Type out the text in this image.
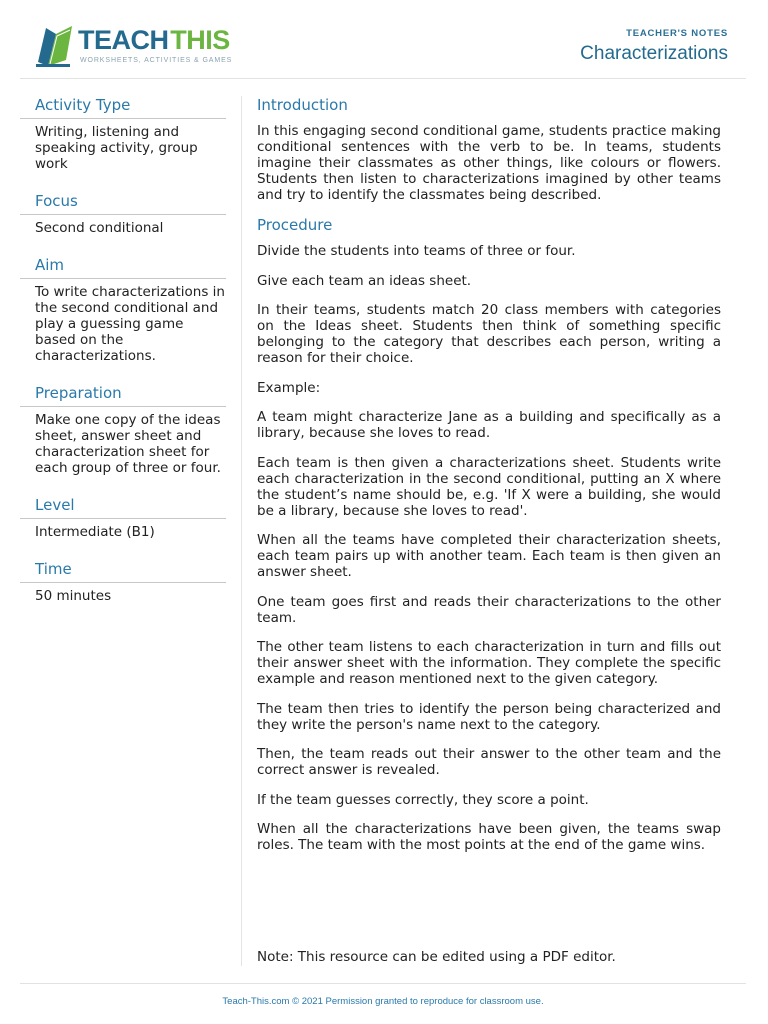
TEACH THIS
WORKSHEETS, ACTIVITIES & GAMES
TEACHER'S NOTES
Characterizations
Activity Type
Writing, listening and speaking activity, group work
Focus
Second conditional
Aim
To write characterizations in the second conditional and play a guessing game based on the characterizations.
Preparation
Make one copy of the ideas sheet, answer sheet and characterization sheet for each group of three or four.
Level
Intermediate (B1)
Time
50 minutes
Introduction

In this engaging second conditional game, students practice making conditional sentences with the verb to be. In teams, students imagine their classmates as other things, like colours or flowers. Students then listen to characterizations imagined by other teams and try to identify the classmates being described.

Procedure

Divide the students into teams of three or four.

Give each team an ideas sheet.

In their teams, students match 20 class members with categories on the Ideas sheet. Students then think of something specific belonging to the category that describes each person, writing a reason for their choice.

Example:

A team might characterize Jane as a building and specifically as a library, because she loves to read.

Each team is then given a characterizations sheet. Students write each characterization in the second conditional, putting an X where the student’s name should be, e.g. 'If X were a building, she would be a library, because she loves to read'.

When all the teams have completed their characterization sheets, each team pairs up with another team. Each team is then given an answer sheet.

One team goes first and reads their characterizations to the other team.

The other team listens to each characterization in turn and fills out their answer sheet with the information. They complete the specific example and reason mentioned next to the given category.

The team then tries to identify the person being characterized and they write the person's name next to the category.

Then, the team reads out their answer to the other team and the correct answer is revealed.

If the team guesses correctly, they score a point.

When all the characterizations have been given, the teams swap roles. The team with the most points at the end of the game wins.

Note: This resource can be edited using a PDF editor.
Teach-This.com © 2021 Permission granted to reproduce for classroom use.
